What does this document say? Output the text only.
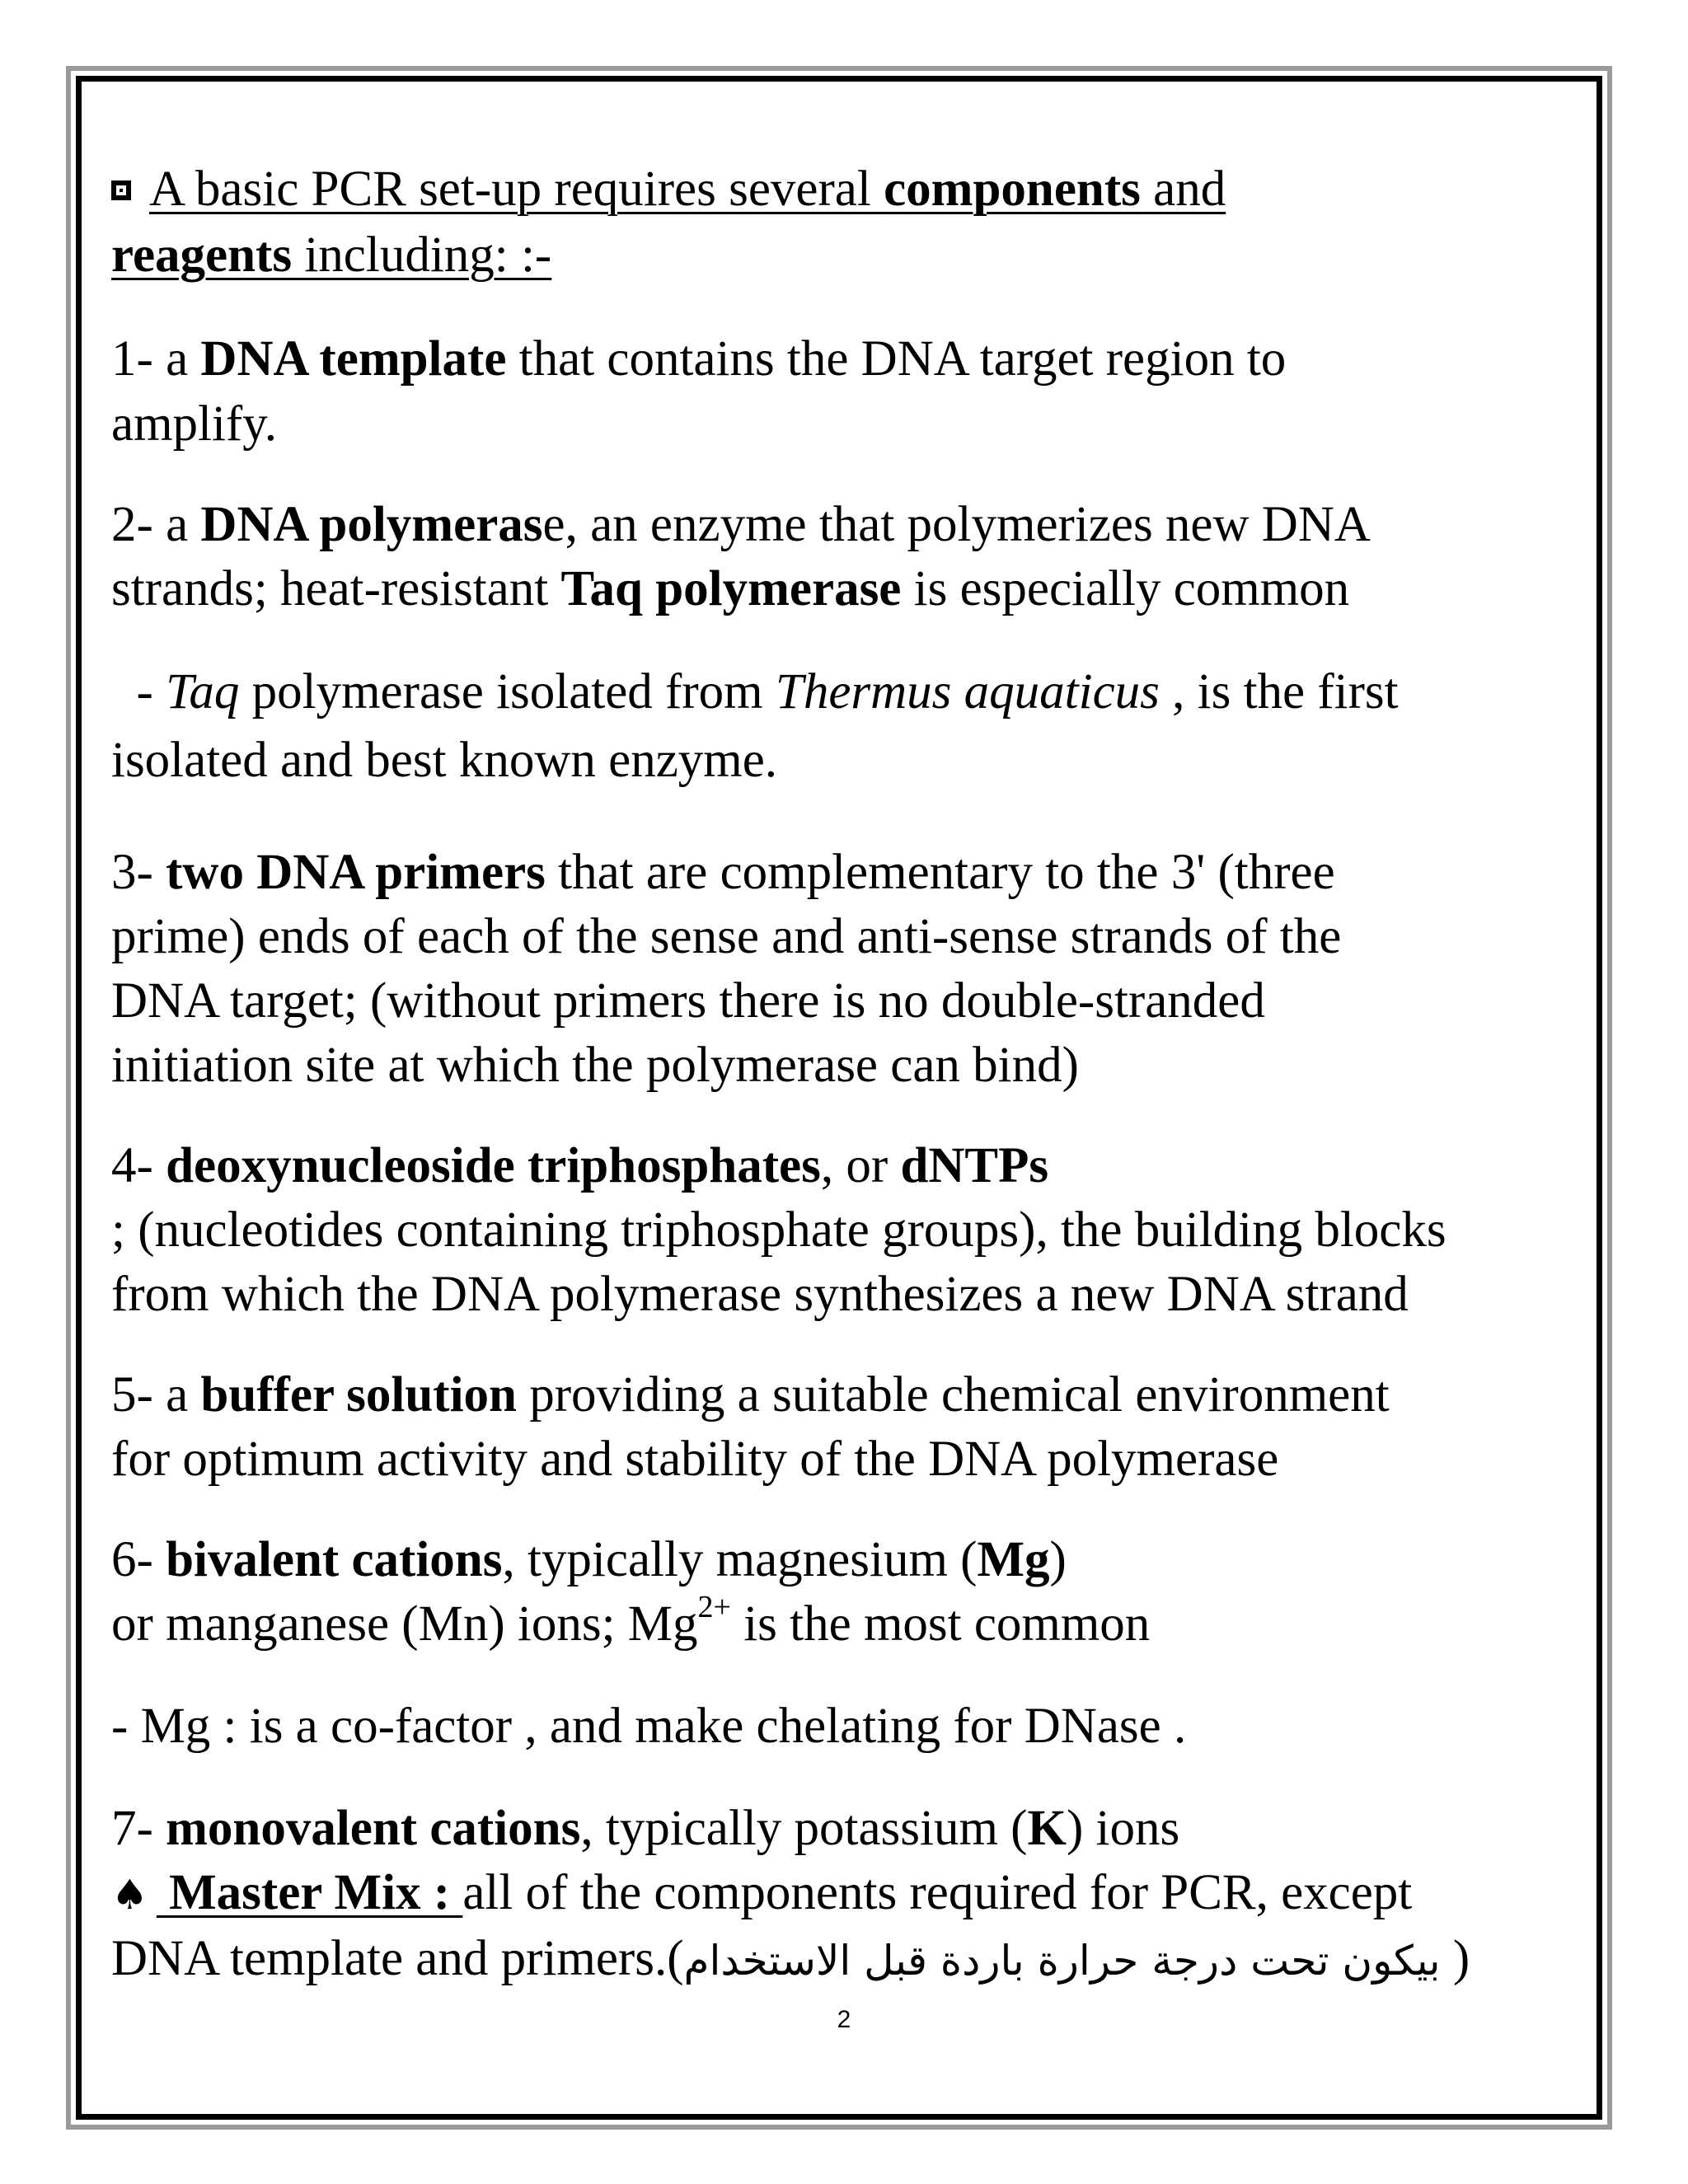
A basic PCR set-up requires several components and

reagents including: :-

1- a DNA template that contains the DNA target region to

amplify.

2- a DNA polymerase, an enzyme that polymerizes new DNA

strands; heat-resistant Taq polymerase is especially common

- Taq polymerase isolated from Thermus aquaticus , is the first

isolated and best known enzyme.

3- two DNA primers that are complementary to the 3' (three

prime) ends of each of the sense and anti-sense strands of the

DNA target; (without primers there is no double-stranded

initiation site at which the polymerase can bind)

4- deoxynucleoside triphosphates, or dNTPs

; (nucleotides containing triphosphate groups), the building blocks

from which the DNA polymerase synthesizes a new DNA strand

5- a buffer solution providing a suitable chemical environment

for optimum activity and stability of the DNA polymerase

6- bivalent cations, typically magnesium (Mg)

or manganese (Mn) ions; $Mg^{2+}$ is the most common

- Mg : is a co-factor , and make chelating for DNase .

7- monovalent cations, typically potassium (K) ions

♠ Master Mix : all of the components required for PCR, except

DNA template and primers.(بيكون تحت درجة حرارة باردة قبل الاستخدام )

2
